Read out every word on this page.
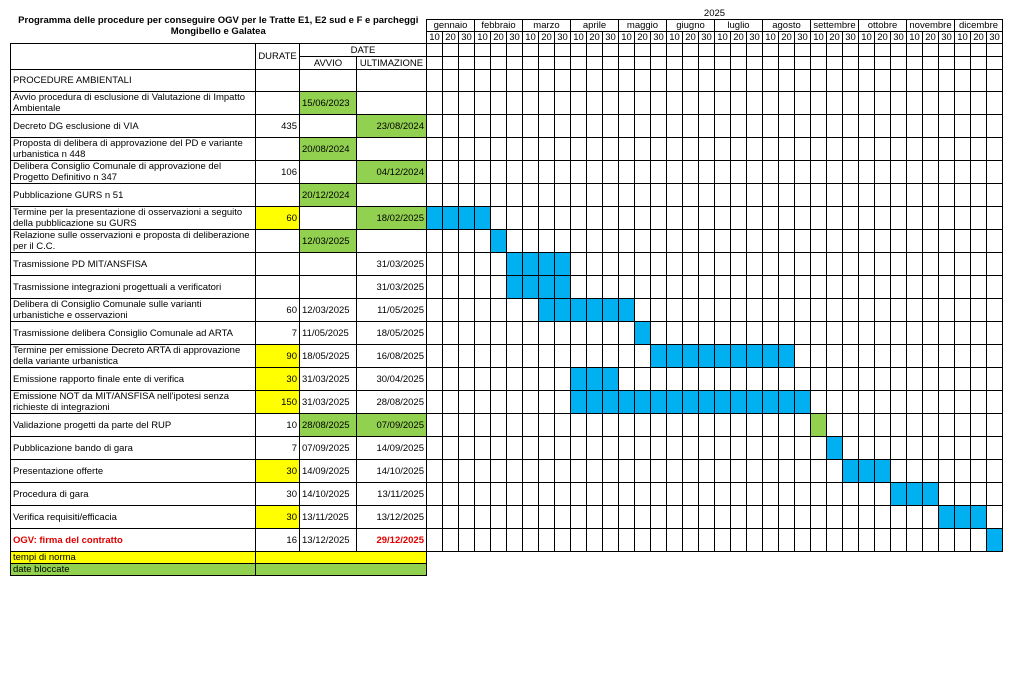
Programma delle procedure per conseguire OGV per le Tratte E1, E2 sud e F e parcheggi Mongibello e Galatea				2025																																			
				gennaio			febbraio			marzo			aprile			maggio			giugno			luglio			agosto			settembre			ottobre			novembre			dicembre		
				10	20	30	10	20	30	10	20	30	10	20	30	10	20	30	10	20	30	10	20	30	10	20	30	10	20	30	10	20	30	10	20	30	10	20	30
	DURATE	DATE																																					
		AVVIO	ULTIMAZIONE																																				
PROCEDURE AMBIENTALI																																							
Avvio procedura di esclusione di Valutazione di Impatto Ambientale		15/06/2023																																					
Decreto DG esclusione di VIA	435		23/08/2024																																				
Proposta di delibera di approvazione del PD e variante urbanistica n 448		20/08/2024																																					
Delibera Consiglio Comunale di approvazione del Progetto Definitivo n 347	106		04/12/2024																																				
Pubblicazione GURS n 51		20/12/2024																																					
Termine per la presentazione di osservazioni a seguito della pubblicazione su GURS	60		18/02/2025																																				
Relazione sulle osservazioni e proposta di deliberazione per il C.C.		12/03/2025																																					
Trasmissione PD MIT/ANSFISA			31/03/2025																																				
Trasmissione integrazioni progettuali a verificatori			31/03/2025																																				
Delibera di Consiglio Comunale sulle varianti urbanistiche e osservazioni	60	12/03/2025	11/05/2025																																				
Trasmissione delibera Consiglio Comunale ad ARTA	7	11/05/2025	18/05/2025																																				
Termine per emissione Decreto ARTA di approvazione della variante urbanistica	90	18/05/2025	16/08/2025																																				
Emissione rapporto finale ente di verifica	30	31/03/2025	30/04/2025																																				
Emissione NOT da MIT/ANSFISA nell'ipotesi senza richieste di integrazioni	150	31/03/2025	28/08/2025																																				
Validazione progetti da parte del RUP	10	28/08/2025	07/09/2025																																				
Pubblicazione bando di gara	7	07/09/2025	14/09/2025																																				
Presentazione offerte	30	14/09/2025	14/10/2025																																				
Procedura di gara	30	14/10/2025	13/11/2025																																				
Verifica requisiti/efficacia	30	13/11/2025	13/12/2025																																				
OGV: firma del contratto	16	13/12/2025	29/12/2025																																				
tempi di norma																																							
date bloccate																																							
